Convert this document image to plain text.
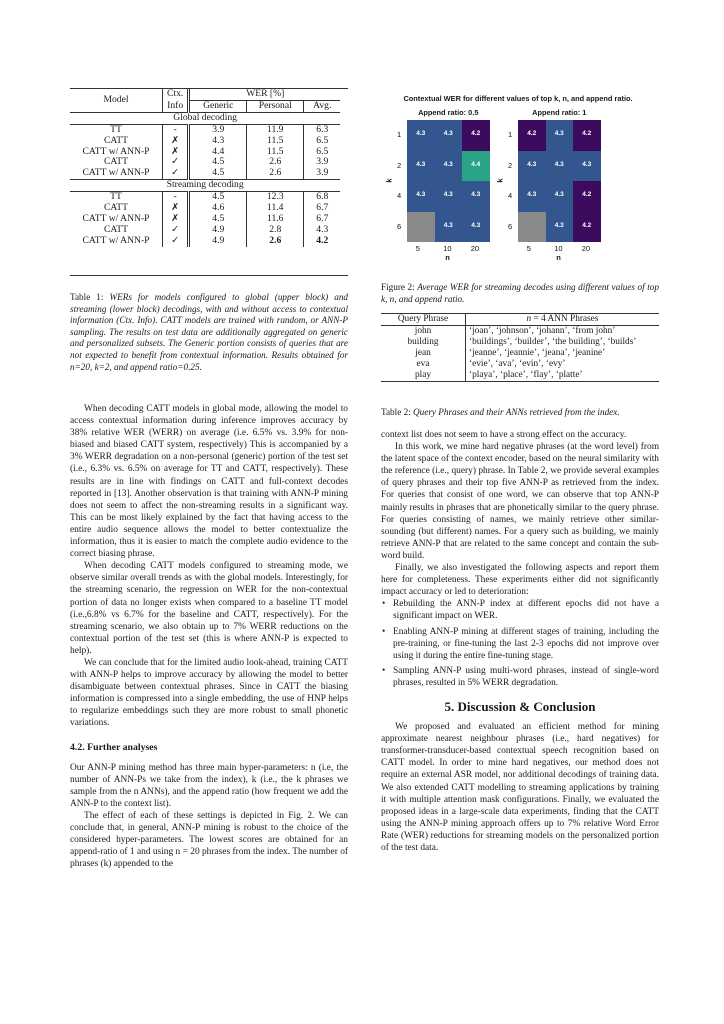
Model	Ctx.	WER [%]		
	Info	Generic	Personal	Avg.
Global decoding				
TT	-	3.9	11.9	6.3
CATT	✗	4.3	11.5	6.5
CATT w/ ANN-P	✗	4.4	11.5	6.5
CATT	✓	4.5	2.6	3.9
CATT w/ ANN-P	✓	4.5	2.6	3.9
Streaming decoding				
TT	-	4.5	12.3	6.8
CATT	✗	4.6	11.4	6.7
CATT w/ ANN-P	✗	4.5	11.6	6.7
CATT	✓	4.9	2.8	4.3
CATT w/ ANN-P	✓	4.9	2.6	4.2
Table 1: WERs for models configured to global (upper block) and streaming (lower block) decodings, with and without access to contextual information (Ctx. Info). CATT models are trained with random, or ANN-P sampling. The results on test data are additionally aggregated on generic and personalized subsets. The Generic portion consists of queries that are not expected to benefit from contextual information. Results obtained for n=20, k=2, and append ratio=0.25.

When decoding CATT models in global mode, allowing the model to access contextual information during inference improves accuracy by 38% relative WER (WERR) on average (i.e. 6.5% vs. 3.9% for non-biased and biased CATT system, respectively) This is accompanied by a 3% WERR degradation on a non-personal (generic) portion of the test set (i.e., 6.3% vs. 6.5% on average for TT and CATT, respectively). These results are in line with findings on CATT and full-context decodes reported in [13]. Another observation is that training with ANN-P mining does not seem to affect the non-streaming results in a significant way. This can be most likely explained by the fact that having access to the entire audio sequence allows the model to better contextualize the information, thus it is easier to match the complete audio evidence to the correct biasing phrase.

When decoding CATT models configured to streaming mode, we observe similar overall trends as with the global models. Interestingly, for the streaming scenario, the regression on WER for the non-contextual portion of data no longer exists when compared to a baseline TT model (i.e.,6.8% vs 6.7% for the baseline and CATT, respectively). For the streaming scenario, we also obtain up to 7% WERR reductions on the contextual portion of the test set (this is where ANN-P is expected to help).

We can conclude that for the limited audio look-ahead, training CATT with ANN-P helps to improve accuracy by allowing the model to better disambiguate between contextual phrases. Since in CATT the biasing information is compressed into a single embedding, the use of HNP helps to regularize embeddings such they are more robust to small phonetic variations.

4.2. Further analyses

Our ANN-P mining method has three main hyper-parameters: n (i.e, the number of ANN-Ps we take from the index), k (i.e., the k phrases we sample from the n ANNs), and the append ratio (how frequent we add the ANN-P to the context list).

The effect of each of these settings is depicted in Fig. 2. We can conclude that, in general, ANN-P mining is robust to the choice of the considered hyper-parameters. The lowest scores are obtained for an append-ratio of 1 and using n = 20 phrases from the index. The number of phrases (k) appended to the

Contextual WER for different values of top k, n, and append ratio.
Append ratio: 0.5
4.3	4.3	4.2
1
4.3	4.3	4.4
2
4.3	4.3	4.3
4
4.3	4.3
6
5	10	20
n
k
Append ratio: 1
4.2	4.3	4.2
1
4.3	4.3	4.3
2
4.3	4.3	4.2
4
4.3	4.2
6
5	10	20
n
k
Figure 2: Average WER for streaming decodes using different values of top k, n, and append ratio.
Query Phrase	n = 4 ANN Phrases
john	‘joan’, ‘johnson’, ‘johann’, ‘from john’
building	‘buildings’, ‘builder’, ‘the building’, ‘builds’
jean	‘jeanne’, ‘jeannie’, ‘jeana’, ‘jeanine’
eva	‘evie’, ‘ava’, ‘evin’, ‘evy’
play	‘playa’, ‘place’, ‘flay’, ‘platte’
Table 2: Query Phrases and their ANNs retrieved from the index.

context list does not seem to have a strong effect on the accuracy.

In this work, we mine hard negative phrases (at the word level) from the latent space of the context encoder, based on the neural similarity with the reference (i.e., query) phrase. In Table 2, we provide several examples of query phrases and their top five ANN-P as retrieved from the index. For queries that consist of one word, we can observe that top ANN-P mainly results in phrases that are phonetically similar to the query phrase. For queries consisting of names, we mainly retrieve other similar-sounding (but different) names. For a query such as building, we mainly retrieve ANN-P that are related to the same concept and contain the sub-word build.

Finally, we also investigated the following aspects and report them here for completeness. These experiments either did not significantly impact accuracy or led to deterioration:

• Rebuilding the ANN-P index at different epochs did not have a significant impact on WER.
• Enabling ANN-P mining at different stages of training, including the pre-training, or fine-tuning the last 2-3 epochs did not improve over using it during the entire fine-tuning stage.
• Sampling ANN-P using multi-word phrases, instead of single-word phrases, resulted in 5% WERR degradation.
5. Discussion & Conclusion

We proposed and evaluated an efficient method for mining approximate nearest neighbour phrases (i.e., hard negatives) for transformer-transducer-based contextual speech recognition based on CATT model. In order to mine hard negatives, our method does not require an external ASR model, nor additional decodings of training data. We also extended CATT modelling to streaming applications by training it with multiple attention mask configurations. Finally, we evaluated the proposed ideas in a large-scale data experiments, finding that the CATT using the ANN-P mining approach offers up to 7% relative Word Error Rate (WER) reductions for streaming models on the personalized portion of the test data.
